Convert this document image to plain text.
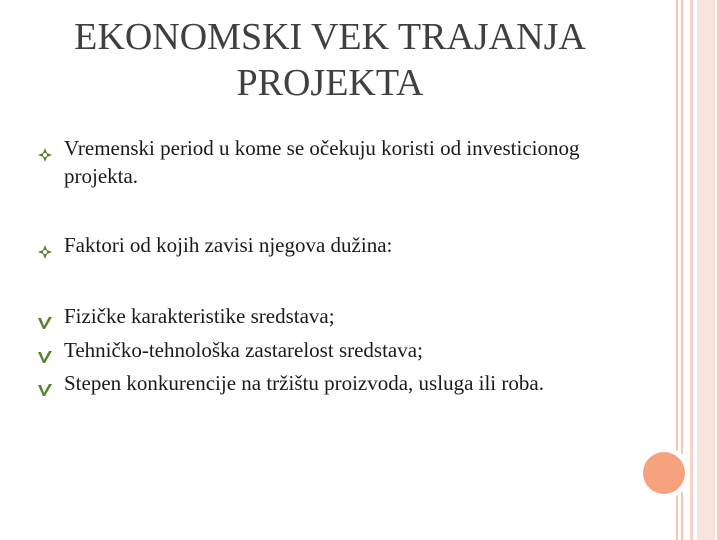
EKONOMSKI VEK TRAJANJA
PROJEKTA
Vremenski period u kome se očekuju koristi od investicionog projekta.
Faktori od kojih zavisi njegova dužina:
Fizičke karakteristike sredstava;
Tehničko-tehnološka zastarelost sredstava;
Stepen konkurencije na tržištu proizvoda, usluga ili roba.
